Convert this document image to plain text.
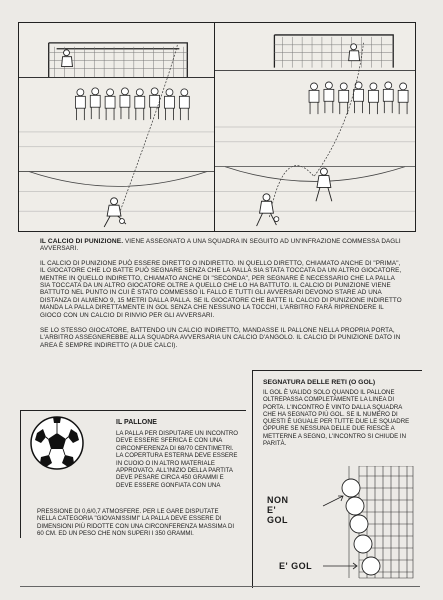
IL CALCIO DI PUNIZIONE. VIENE ASSEGNATO A UNA SQUADRA IN SEGUITO AD UN'INFRAZIONE COMMESSA DAGLI AVVERSARI.

IL CALCIO DI PUNIZIONE PUÒ ESSERE DIRETTO O INDIRETTO. IN QUELLO DIRETTO, CHIAMATO ANCHE DI "PRIMA", IL GIOCATORE CHE LO BATTE PUÒ SEGNARE SENZA CHE LA PALLA SIA STATA TOCCATA DA UN ALTRO GIOCATORE, MENTRE IN QUELLO INDIRETTO, CHIAMATO ANCHE DI "SECONDA", PER SEGNARE È NECESSARIO CHE LA PALLA SIA TOCCATA DA UN ALTRO GIOCATORE OLTRE A QUELLO CHE LO HA BATTUTO. IL CALCIO DI PUNIZIONE VIENE BATTUTO NEL PUNTO IN CUI È STATO COMMESSO IL FALLO E TUTTI GLI AVVERSARI DEVONO STARE AD UNA DISTANZA DI ALMENO 9, 15 METRI DALLA PALLA. SE IL GIOCATORE CHE BATTE IL CALCIO DI PUNIZIONE INDIRETTO MANDA LA PALLA DIRETTAMENTE IN GOL SENZA CHE NESSUNO LA TOCCHI, L'ARBITRO FARÀ RIPRENDERE IL GIOCO CON UN CALCIO DI RINVIO PER GLI AVVERSARI.

SE LO STESSO GIOCATORE, BATTENDO UN CALCIO INDIRETTO, MANDASSE IL PALLONE NELLA PROPRIA PORTA, L'ARBITRO ASSEGNEREBBE ALLA SQUADRA AVVERSARIA UN CALCIO D'ANGOLO. IL CALCIO DI PUNIZIONE DATO IN AREA È SEMPRE INDIRETTO (A DUE CALCI).

IL PALLONE
LA PALLA PER DISPUTARE UN INCONTRO DEVE ESSERE SFERICA E CON UNA CIRCONFERENZA DI 68/70 CENTIMETRI. LA COPERTURA ESTERNA DEVE ESSERE IN CUOIO O IN ALTRO MATERIALE APPROVATO. ALL'INIZIO DELLA PARTITA DEVE PESARE CIRCA 450 GRAMMI E DEVE ESSERE GONFIATA CON UNA
PRESSIONE DI 0,6/0,7 ATMOSFERE. PER LE GARE DISPUTATE NELLA CATEGORIA "GIOVANISSIMI" LA PALLA DEVE ESSERE DI DIMENSIONI PIÙ RIDOTTE CON UNA CIRCONFERENZA MASSIMA DI 60 CM. ED UN PESO CHE NON SUPERI I 350 GRAMMI.
SEGNATURA DELLE RETI (O GOL)
IL GOL È VALIDO SOLO QUANDO IL PALLONE OLTREPASSA COMPLETAMENTE LA LINEA DI PORTA. L'INCONTRO È VINTO DALLA SQUADRA CHE HA SEGNATO PIÙ GOL. SE IL NUMERO DI QUESTI È UGUALE PER TUTTE DUE LE SQUADRE OPPURE SE NESSUNA DELLE DUE RIESCE A METTERNE A SEGNO, L'INCONTRO SI CHIUDE IN PARITÀ.
NON
E'
GOL
E' GOL
